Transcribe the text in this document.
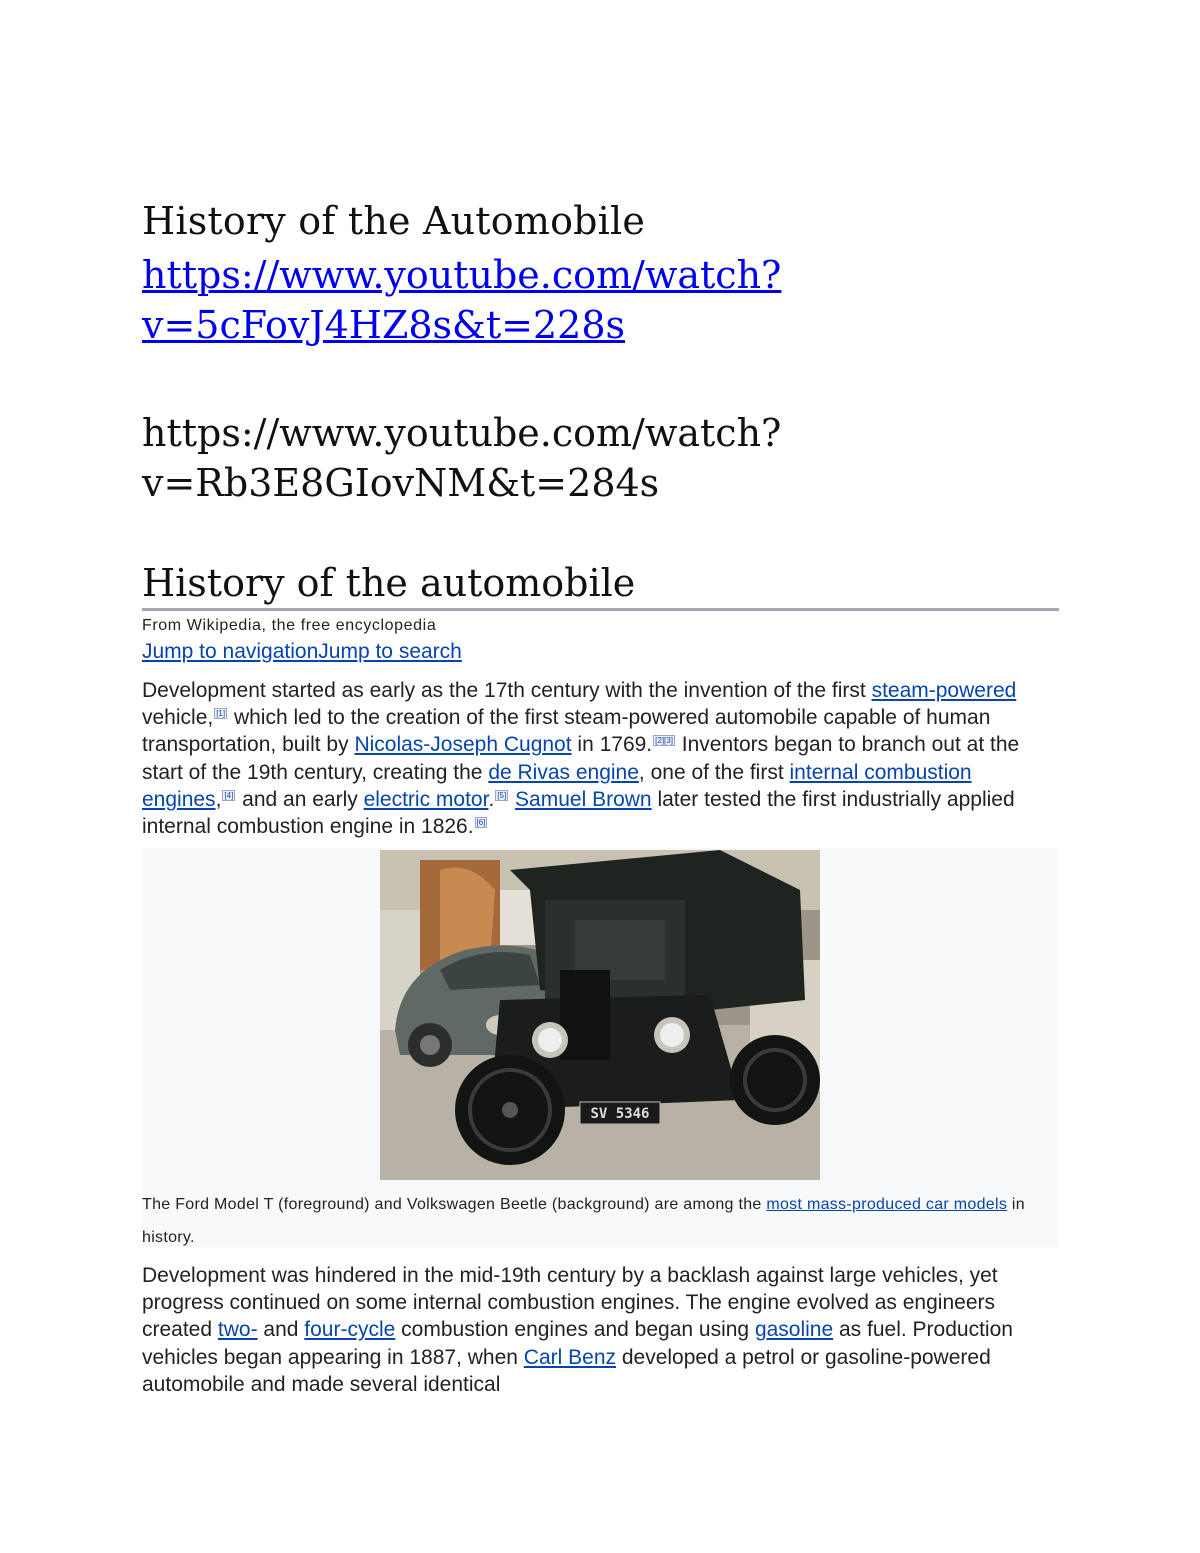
History of the Automobile
https://www.youtube.com/watch?
v=5cFovJ4HZ8s&t=228s
https://www.youtube.com/watch?
v=Rb3E8GIovNM&t=284s
History of the automobile
From Wikipedia, the free encyclopedia
Jump to navigationJump to search

Development started as early as the 17th century with the invention of the first steam-powered vehicle, [1] which led to the creation of the first steam-powered automobile capable of human transportation, built by Nicolas-Joseph Cugnot in 1769. [2][3] Inventors began to branch out at the start of the 19th century, creating the de Rivas engine, one of the first internal combustion engines, [4] and an early electric motor. [5] Samuel Brown later tested the first industrially applied internal combustion engine in 1826. [6]

SV 5346
The Ford Model T (foreground) and Volkswagen Beetle (background) are among the most mass-produced car models in history.

Development was hindered in the mid-19th century by a backlash against large vehicles, yet progress continued on some internal combustion engines. The engine evolved as engineers created two- and four-cycle combustion engines and began using gasoline as fuel. Production vehicles began appearing in 1887, when Carl Benz developed a petrol or gasoline-powered automobile and made several identical
